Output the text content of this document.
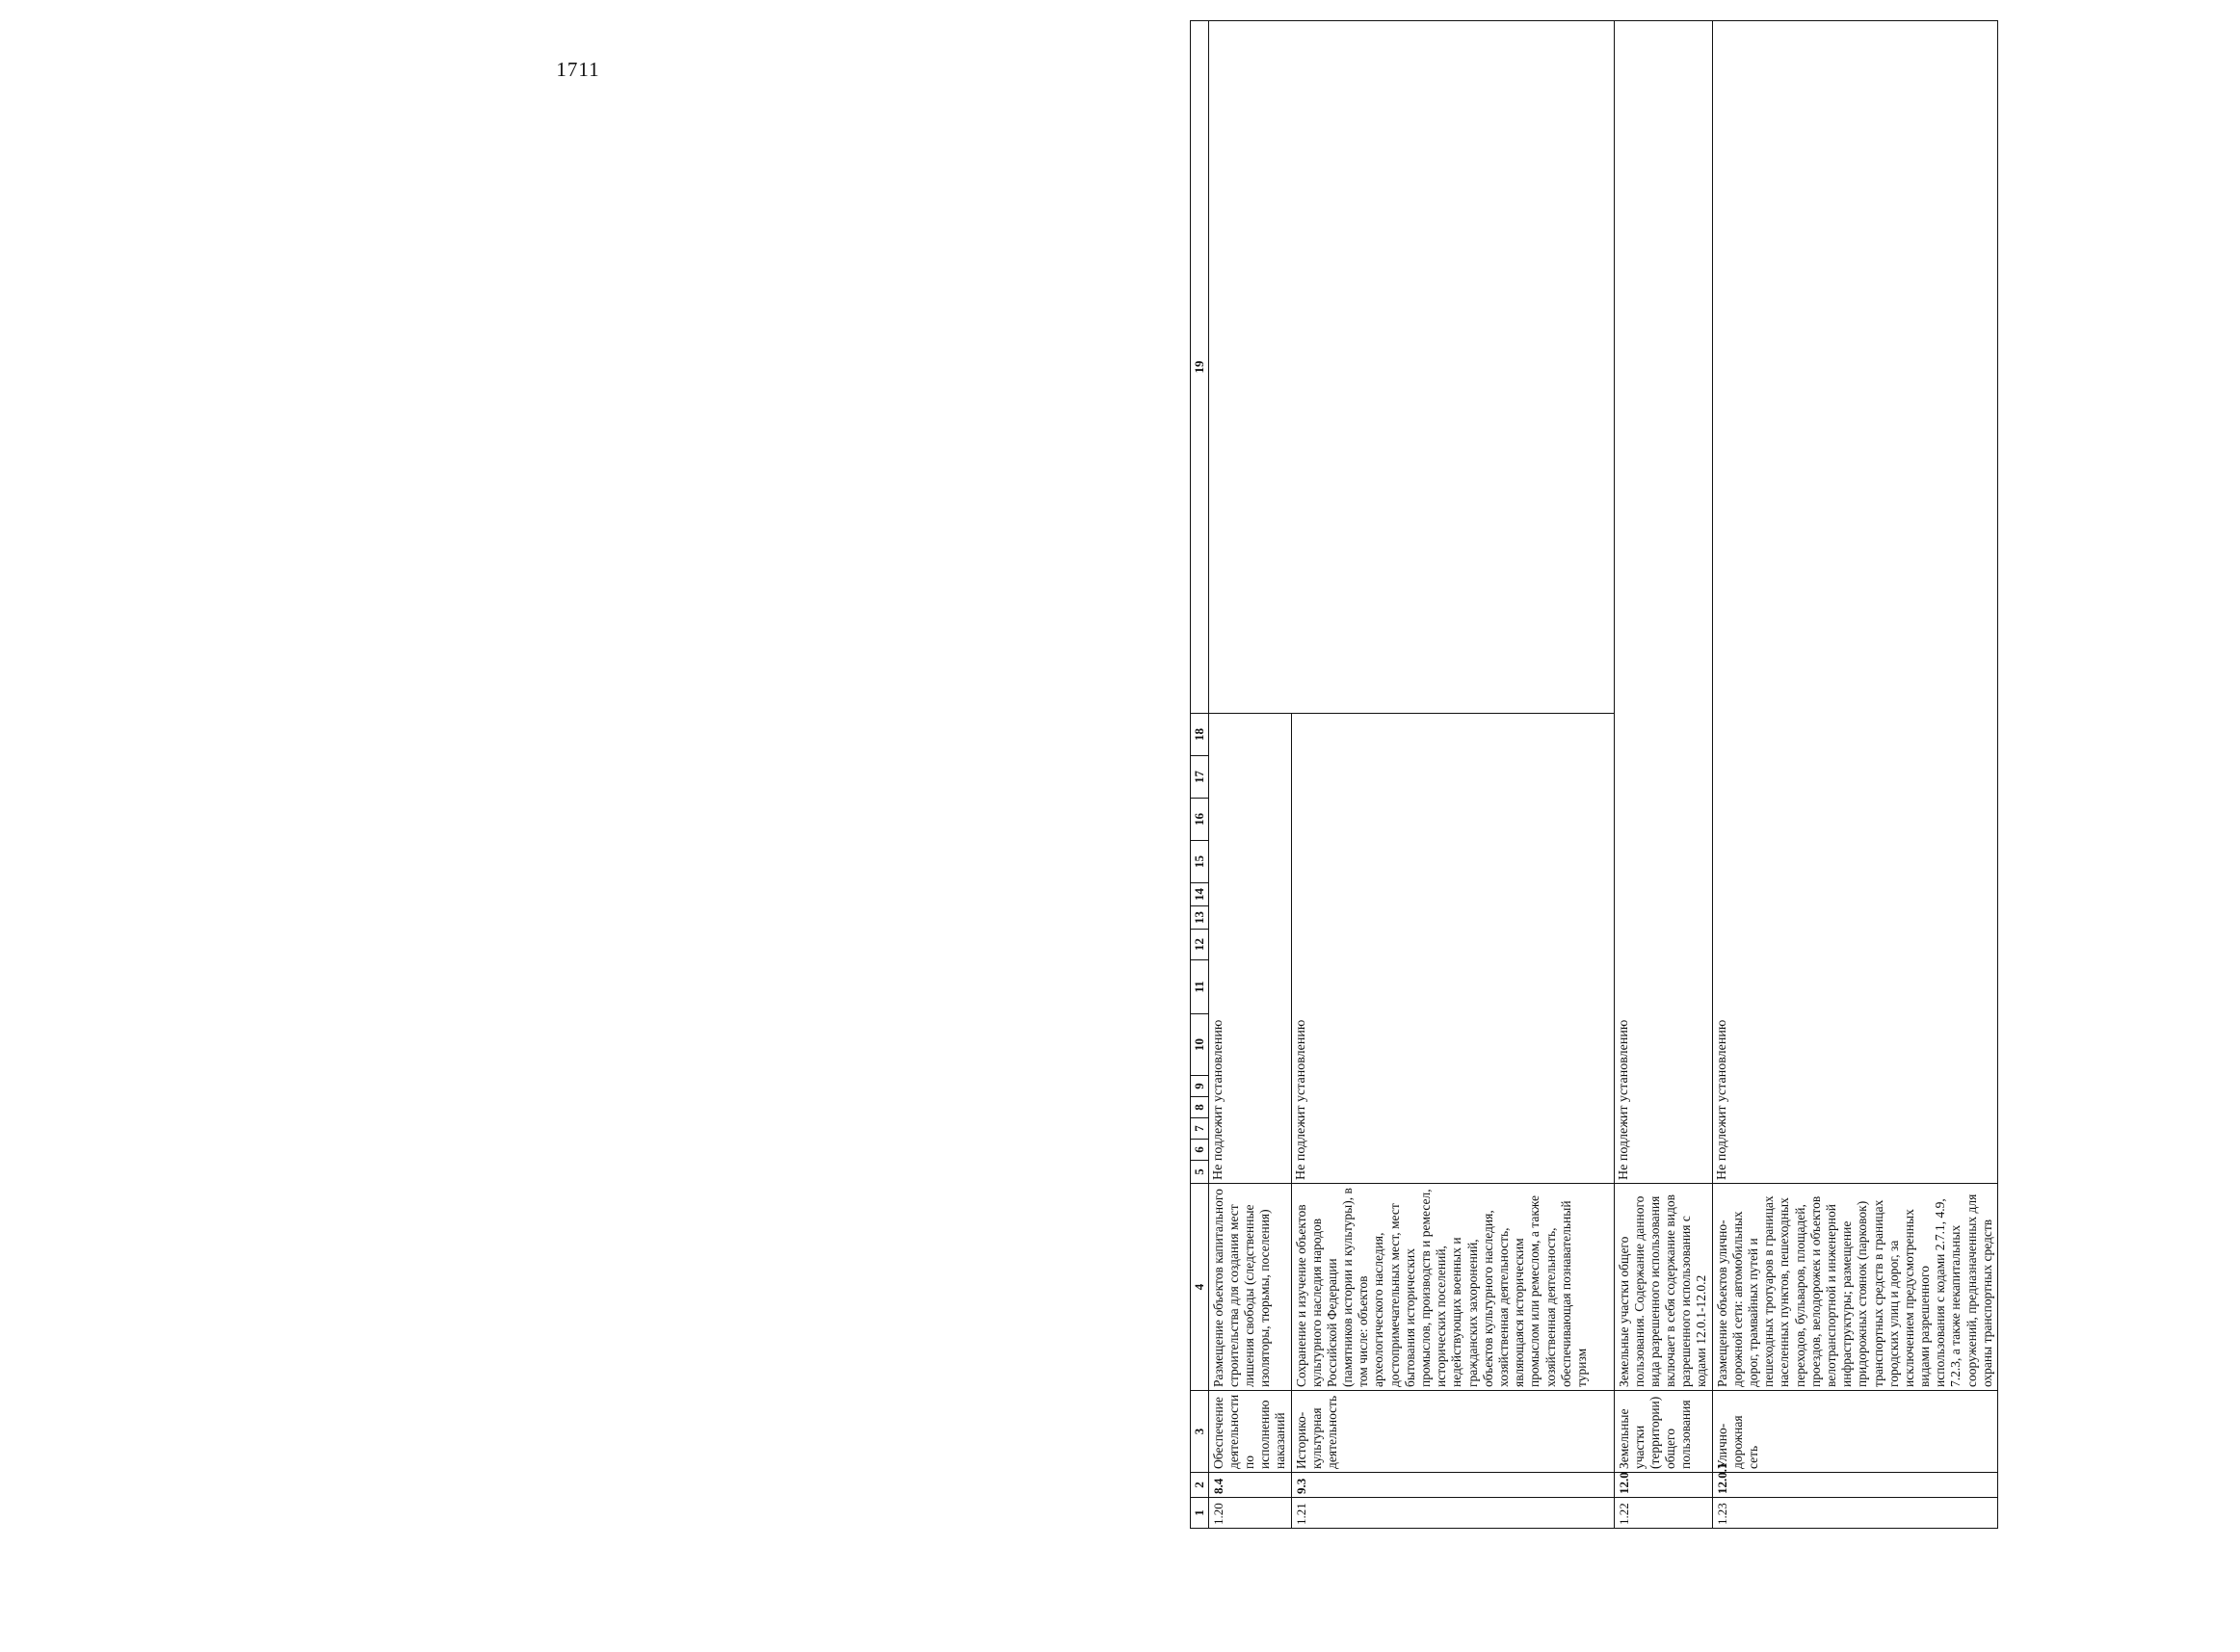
1711
1	2	3	4	5	6	7	8	9	10	11	12	13	14	15	16	17	18	19
1.20	8.4	Обеспечение деятельности по исполнению наказаний	Размещение объектов капитального строительства для создания мест лишения свободы (следственные изоляторы, тюрьмы, поселения)	Не подлежит установлению														
1.21	9.3	Историко-культурная деятельность	Сохранение и изучение объектов культурного наследия народов Российской Федерации (памятников истории и культуры), в том числе: объектов археологического наследия, достопримечательных мест, мест бытования исторических промыслов, производств и ремесел, исторических поселений, недействующих военных и гражданских захоронений, объектов культурного наследия, хозяйственная деятельность, являющаяся историческим промыслом или ремеслом, а также хозяйственная деятельность, обеспечивающая познавательный туризм	Не подлежит установлению														
1.22	12.0	Земельные участки (территории) общего пользования	Земельные участки общего пользования. Содержание данного вида разрешенного использования включает в себя содержание видов разрешенного использования с кодами 12.0.1-12.0.2	Не подлежит установлению														
1.23	12.0.1	Улично-дорожная сеть	Размещение объектов улично-дорожной сети: автомобильных дорог, трамвайных путей и пешеходных тротуаров в границах населенных пунктов, пешеходных переходов, бульваров, площадей, проездов, велодорожек и объектов велотранспортной и инженерной инфраструктуры; размещение придорожных стоянок (парковок) транспортных средств в границах городских улиц и дорог, за исключением предусмотренных видами разрешенного использования с кодами 2.7.1, 4.9, 7.2.3, а также некапитальных сооружений, предназначенных для охраны транспортных средств	Не подлежит установлению														
